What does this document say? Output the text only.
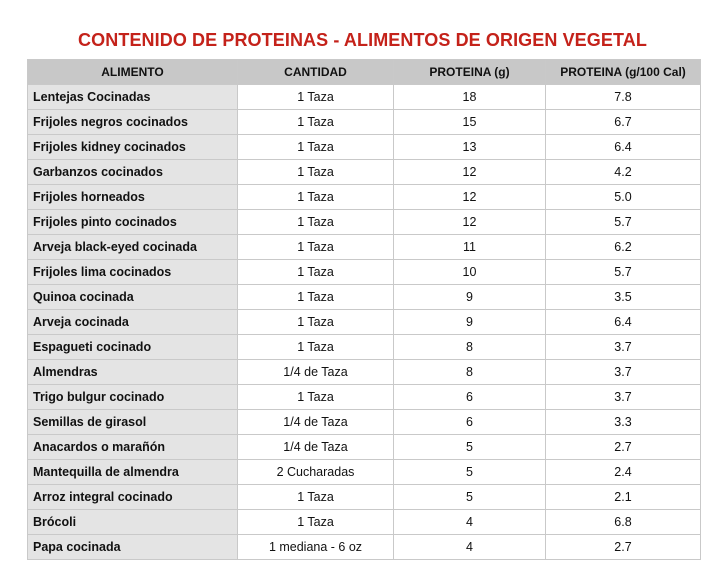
CONTENIDO DE PROTEINAS - ALIMENTOS DE ORIGEN VEGETAL
ALIMENTO	CANTIDAD	PROTEINA (g)	PROTEINA (g/100 Cal)
Lentejas Cocinadas	1 Taza	18	7.8
Frijoles negros cocinados	1 Taza	15	6.7
Frijoles kidney cocinados	1 Taza	13	6.4
Garbanzos cocinados	1 Taza	12	4.2
Frijoles horneados	1 Taza	12	5.0
Frijoles pinto cocinados	1 Taza	12	5.7
Arveja black-eyed cocinada	1 Taza	11	6.2
Frijoles lima cocinados	1 Taza	10	5.7
Quinoa cocinada	1 Taza	9	3.5
Arveja cocinada	1 Taza	9	6.4
Espagueti cocinado	1 Taza	8	3.7
Almendras	1/4 de Taza	8	3.7
Trigo bulgur cocinado	1 Taza	6	3.7
Semillas de girasol	1/4 de Taza	6	3.3
Anacardos o marañón	1/4 de Taza	5	2.7
Mantequilla de almendra	2 Cucharadas	5	2.4
Arroz integral cocinado	1 Taza	5	2.1
Brócoli	1 Taza	4	6.8
Papa cocinada	1 mediana - 6 oz	4	2.7
